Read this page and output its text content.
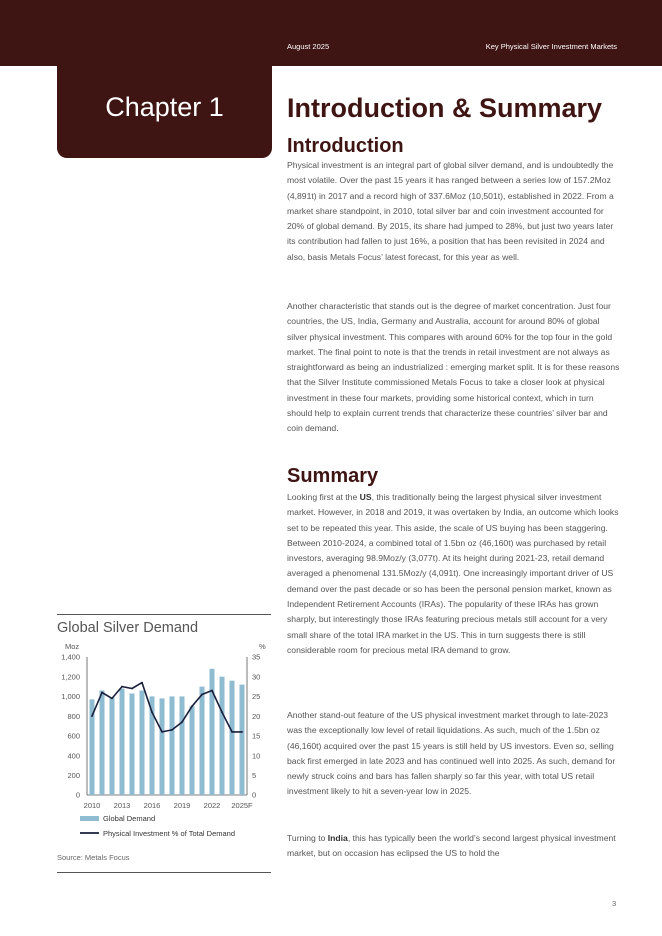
August 2025	Key Physical Silver Investment Markets
Chapter 1	Introduction & Summary
Introduction

Physical investment is an integral part of global silver demand, and is undoubtedly the most volatile. Over the past 15 years it has ranged between a series low of 157.2Moz (4,891t) in 2017 and a record high of 337.6Moz (10,501t), established in 2022. From a market share standpoint, in 2010, total silver bar and coin investment accounted for 20% of global demand. By 2015, its share had jumped to 28%, but just two years later its contribution had fallen to just 16%, a position that has been revisited in 2024 and also, basis Metals Focus’ latest forecast, for this year as well.

Another characteristic that stands out is the degree of market concentration. Just four countries, the US, India, Germany and Australia, account for around 80% of global silver physical investment. This compares with around 60% for the top four in the gold market. The final point to note is that the trends in retail investment are not always as straightforward as being an industrialized : emerging market split. It is for these reasons that the Silver Institute commissioned Metals Focus to take a closer look at physical investment in these four markets, providing some historical context, which in turn should help to explain current trends that characterize these countries’ silver bar and coin demand.

Summary

Looking first at the US, this traditionally being the largest physical silver investment market. However, in 2018 and 2019, it was overtaken by India, an outcome which looks set to be repeated this year. This aside, the scale of US buying has been staggering. Between 2010-2024, a combined total of 1.5bn oz (46,160t) was purchased by retail investors, averaging 98.9Moz/y (3,077t). At its height during 2021-23, retail demand averaged a phenomenal 131.5Moz/y (4,091t). One increasingly important driver of US demand over the past decade or so has been the personal pension market, known as Independent Retirement Accounts (IRAs). The popularity of these IRAs has grown sharply, but interestingly those IRAs featuring precious metals still account for a very small share of the total IRA market in the US. This in turn suggests there is still considerable room for precious metal IRA demand to grow.

Another stand-out feature of the US physical investment market through to late-2023 was the exceptionally low level of retail liquidations. As such, much of the 1.5bn oz (46,160t) acquired over the past 15 years is still held by US investors. Even so, selling back first emerged in late 2023 and has continued well into 2025. As such, demand for newly struck coins and bars has fallen sharply so far this year, with total US retail investment likely to hit a seven-year low in 2025.

Turning to India, this has typically been the world’s second largest physical investment market, but on occasion has eclipsed the US to hold the

Global Silver Demand
Moz	%
1,400
1,200
1,000
800
600
400
200
0
35
30
25
20
15
10
5
0
2010 2013 2016 2019 2022 2025F
Global Demand
Physical Investment % of Total Demand
Source: Metals Focus
3
